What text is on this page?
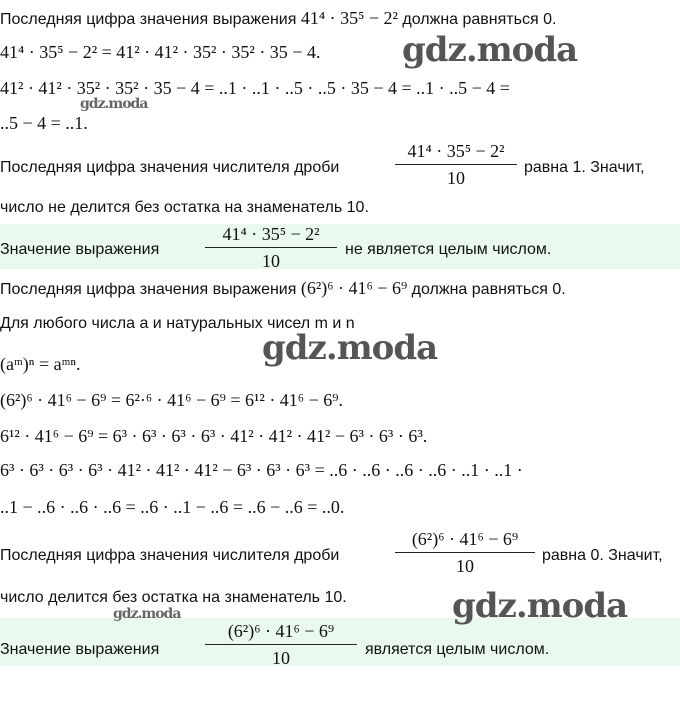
Последняя цифра значения выражения 41⁴ · 35⁵ − 2² должна равняться 0.
41⁴ · 35⁵ − 2² = 41² · 41² · 35² · 35² · 35 − 4.
41² · 41² · 35² · 35² · 35 − 4 = ..1 · ..1 · ..5 · ..5 · 35 − 4 = ..1 · ..5 − 4 =
..5 − 4 = ..1.
Последняя цифра значения числителя дроби
41⁴ · 35⁵ − 2²
10
равна 1. Значит,
число не делится без остатка на знаменатель 10.
Значение выражения
41⁴ · 35⁵ − 2²
10
не является целым числом.
Последняя цифра значения выражения (6²)⁶ · 41⁶ − 6⁹ должна равняться 0.
Для любого числа a и натуральных чисел m и n
(aᵐ)ⁿ = aᵐⁿ.
(6²)⁶ · 41⁶ − 6⁹ = 6²·⁶ · 41⁶ − 6⁹ = 6¹² · 41⁶ − 6⁹.
6¹² · 41⁶ − 6⁹ = 6³ · 6³ · 6³ · 6³ · 41² · 41² · 41² − 6³ · 6³ · 6³.
6³ · 6³ · 6³ · 6³ · 41² · 41² · 41² − 6³ · 6³ · 6³ = ..6 · ..6 · ..6 · ..6 · ..1 · ..1 ·
..1 − ..6 · ..6 · ..6 = ..6 · ..1 − ..6 = ..6 − ..6 = ..0.
Последняя цифра значения числителя дроби
(6²)⁶ · 41⁶ − 6⁹
10
равна 0. Значит,
число делится без остатка на знаменатель 10.
Значение выражения
(6²)⁶ · 41⁶ − 6⁹
10	является целым числом.
gdz.moda
gdz.moda
gdz.moda
gdz.moda
gdz.moda
